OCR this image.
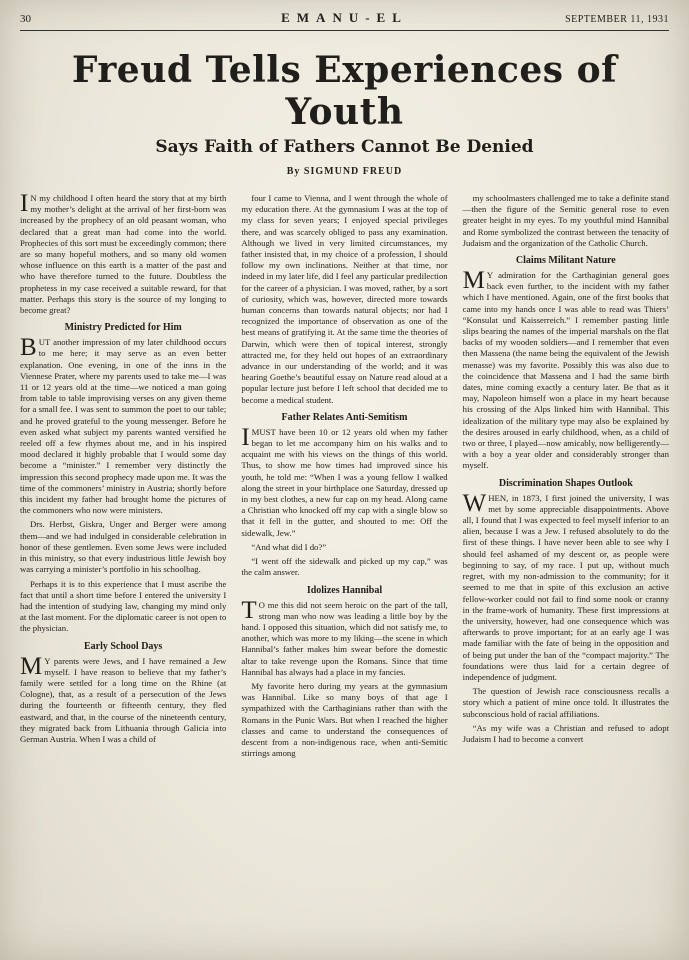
30	EMANU-EL	SEPTEMBER 11, 1931
Freud Tells Experiences of Youth
Says Faith of Fathers Cannot Be Denied
By SIGMUND FREUD

I N my childhood I often heard the story that at my birth my mother’s delight at the arrival of her first-born was increased by the prophecy of an old peasant woman, who declared that a great man had come into the world. Prophecies of this sort must be exceedingly common; there are so many hopeful mothers, and so many old women whose influence on this earth is a matter of the past and who have therefore turned to the future. Doubtless the prophetess in my case received a suitable reward, for that matter. Perhaps this story is the source of my longing to become great?

Ministry Predicted for Him

BUT another impression of my later childhood occurs to me here; it may serve as an even better explanation. One evening, in one of the inns in the Viennese Prater, where my parents used to take me—I was 11 or 12 years old at the time—we noticed a man going from table to table improvising verses on any given theme for a small fee. I was sent to summon the poet to our table; and he proved grateful to the young messenger. Before he even asked what subject my parents wanted versified he reeled off a few rhymes about me, and in his inspired mood declared it highly probable that I would some day become a “minister.” I remember very distinctly the impression this second prophecy made upon me. It was the time of the commoners’ ministry in Austria; shortly before this incident my father had brought home the pictures of the commoners who now were ministers.

Drs. Herbst, Giskra, Unger and Berger were among them—and we had indulged in considerable celebration in honor of these gentlemen. Even some Jews were included in this ministry, so that every industrious little Jewish boy was carrying a minister’s portfolio in his schoolbag.

Perhaps it is to this experience that I must ascribe the fact that until a short time before I entered the university I had the intention of studying law, changing my mind only at the last moment. For the diplomatic career is not open to the physician.

Early School Days

M Y parents were Jews, and I have remained a Jew myself. I have reason to believe that my father’s family were settled for a long time on the Rhine (at Cologne), that, as a result of a persecution of the Jews during the fourteenth or fifteenth century, they fled eastward, and that, in the course of the nineteenth century, they migrated back from Lithuania through Galicia into German Austria. When I was a child of

four I came to Vienna, and I went through the whole of my education there. At the gymnasium I was at the top of my class for seven years; I enjoyed special privileges there, and was scarcely obliged to pass any examination. Although we lived in very limited circumstances, my father insisted that, in my choice of a profession, I should follow my own inclinations. Neither at that time, nor indeed in my later life, did I feel any particular predilection for the career of a physician. I was moved, rather, by a sort of curiosity, which was, however, directed more towards human concerns than towards natural objects; nor had I recognized the importance of observation as one of the best means of gratifying it. At the same time the theories of Darwin, which were then of topical interest, strongly attracted me, for they held out hopes of an extraordinary advance in our understanding of the world; and it was hearing Goethe’s beautiful essay on Nature read aloud at a popular lecture just before I left school that decided me to become a medical student.

Father Relates Anti-Semitism

IMUST have been 10 or 12 years old when my father began to let me accompany him on his walks and to acquaint me with his views on the things of this world. Thus, to show me how times had improved since his youth, he told me: “When I was a young fellow I walked along the street in your birthplace one Saturday, dressed up in my best clothes, a new fur cap on my head. Along came a Christian who knocked off my cap with a single blow so that it fell in the gutter, and shouted to me: Off the sidewalk, Jew.”

“And what did I do?”

“I went off the sidewalk and picked up my cap,” was the calm answer.

Idolizes Hannibal

T O me this did not seem heroic on the part of the tall, strong man who now was leading a little boy by the hand. I opposed this situation, which did not satisfy me, to another, which was more to my liking—the scene in which Hannibal’s father makes him swear before the domestic altar to take revenge upon the Romans. Since that time Hannibal has always had a place in my fancies.

My favorite hero during my years at the gymnasium was Hannibal. Like so many boys of that age I sympathized with the Carthaginians rather than with the Romans in the Punic Wars. But when I reached the higher classes and came to understand the consequences of descent from a non-indigenous race, when anti-Semitic stirrings among

my schoolmasters challenged me to take a definite stand—then the figure of the Semitic general rose to even greater height in my eyes. To my youthful mind Hannibal and Rome symbolized the contrast between the tenacity of Judaism and the organization of the Catholic Church.

Claims Militant Nature

M Y admiration for the Carthaginian general goes back even further, to the incident with my father which I have mentioned. Again, one of the first books that came into my hands once I was able to read was Thiers’ “Konsulat und Kaisserreich.” I remember pasting little slips bearing the names of the imperial marshals on the flat backs of my wooden soldiers—and I remember that even then Massena (the name being the equivalent of the Jewish menasse) was my favorite. Possibly this was also due to the coincidence that Massena and I had the same birth dates, mine coming exactly a century later. Be that as it may, Napoleon himself won a place in my heart because his crossing of the Alps linked him with Hannibal. This idealization of the military type may also be explained by the desires aroused in early childhood, when, as a child of two or three, I played—now amicably, now belligerently—with a boy a year older and considerably stronger than myself.

Discrimination Shapes Outlook

WHEN, in 1873, I first joined the university, I was met by some appreciable disappointments. Above all, I found that I was expected to feel myself inferior to an alien, because I was a Jew. I refused absolutely to do the first of these things. I have never been able to see why I should feel ashamed of my descent or, as people were beginning to say, of my race. I put up, without much regret, with my non-admission to the community; for it seemed to me that in spite of this exclusion an active fellow-worker could not fail to find some nook or cranny in the frame-work of humanity. These first impressions at the university, however, had one consequence which was afterwards to prove important; for at an early age I was made familiar with the fate of being in the opposition and of being put under the ban of the “compact majority.” The foundations were thus laid for a certain degree of independence of judgment.

The question of Jewish race consciousness recalls a story which a patient of mine once told. It illustrates the subconscious hold of racial affiliations.

“As my wife was a Christian and refused to adopt Judaism I had to become a convert
